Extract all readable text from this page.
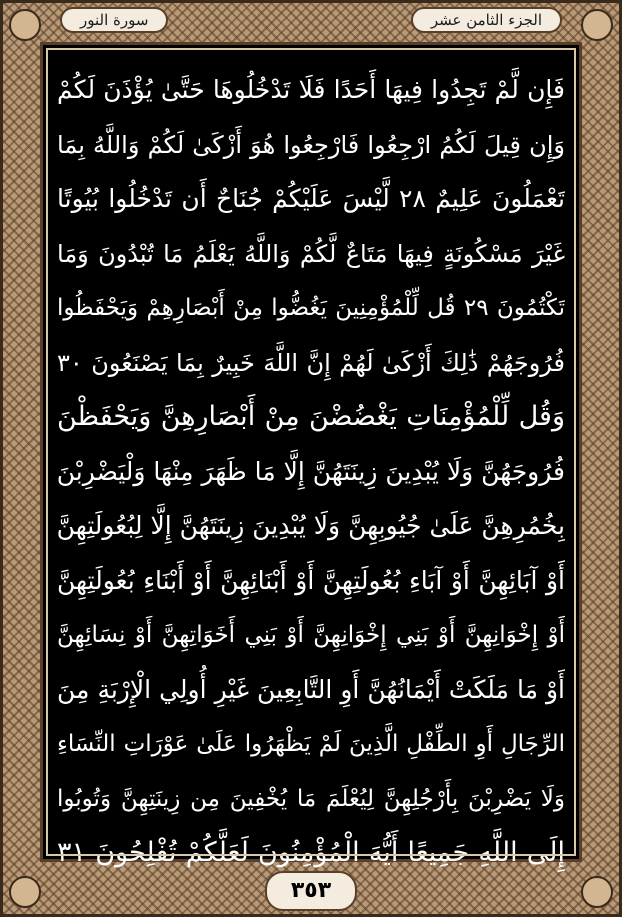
سورة النور	الجزء الثامن عشر
فَإِن لَّمْ تَجِدُوا فِيهَا أَحَدًا فَلَا تَدْخُلُوهَا حَتَّىٰ يُؤْذَنَ لَكُمْ
وَإِن قِيلَ لَكُمُ ارْجِعُوا فَارْجِعُوا هُوَ أَزْكَىٰ لَكُمْ وَاللَّهُ بِمَا
تَعْمَلُونَ عَلِيمٌ ٢٨ لَّيْسَ عَلَيْكُمْ جُنَاحٌ أَن تَدْخُلُوا بُيُوتًا
غَيْرَ مَسْكُونَةٍ فِيهَا مَتَاعٌ لَّكُمْ وَاللَّهُ يَعْلَمُ مَا تُبْدُونَ وَمَا
تَكْتُمُونَ ٢٩ قُل لِّلْمُؤْمِنِينَ يَغُضُّوا مِنْ أَبْصَارِهِمْ وَيَحْفَظُوا
فُرُوجَهُمْ ذَٰلِكَ أَزْكَىٰ لَهُمْ إِنَّ اللَّهَ خَبِيرٌ بِمَا يَصْنَعُونَ ٣٠
وَقُل لِّلْمُؤْمِنَاتِ يَغْضُضْنَ مِنْ أَبْصَارِهِنَّ وَيَحْفَظْنَ
فُرُوجَهُنَّ وَلَا يُبْدِينَ زِينَتَهُنَّ إِلَّا مَا ظَهَرَ مِنْهَا وَلْيَضْرِبْنَ
بِخُمُرِهِنَّ عَلَىٰ جُيُوبِهِنَّ وَلَا يُبْدِينَ زِينَتَهُنَّ إِلَّا لِبُعُولَتِهِنَّ
أَوْ آبَائِهِنَّ أَوْ آبَاءِ بُعُولَتِهِنَّ أَوْ أَبْنَائِهِنَّ أَوْ أَبْنَاءِ بُعُولَتِهِنَّ
أَوْ إِخْوَانِهِنَّ أَوْ بَنِي إِخْوَانِهِنَّ أَوْ بَنِي أَخَوَاتِهِنَّ أَوْ نِسَائِهِنَّ
أَوْ مَا مَلَكَتْ أَيْمَانُهُنَّ أَوِ التَّابِعِينَ غَيْرِ أُولِي الْإِرْبَةِ مِنَ
الرِّجَالِ أَوِ الطِّفْلِ الَّذِينَ لَمْ يَظْهَرُوا عَلَىٰ عَوْرَاتِ النِّسَاءِ
وَلَا يَضْرِبْنَ بِأَرْجُلِهِنَّ لِيُعْلَمَ مَا يُخْفِينَ مِن زِينَتِهِنَّ وَتُوبُوا
إِلَى اللَّهِ جَمِيعًا أَيُّهَ الْمُؤْمِنُونَ لَعَلَّكُمْ تُفْلِحُونَ ٣١
٣٥٣
